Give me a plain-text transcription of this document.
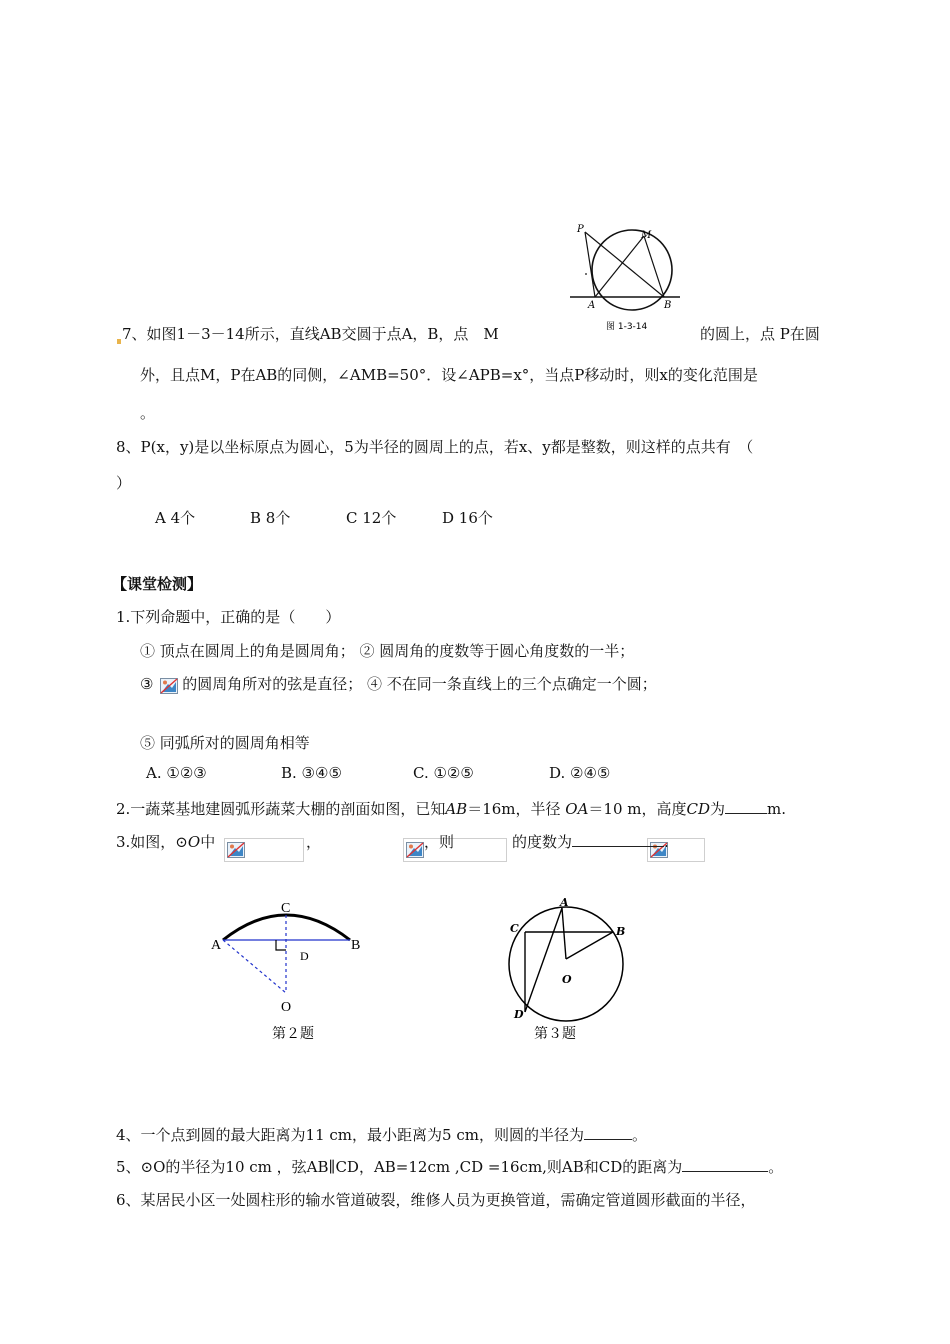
P
M
A	B
图 1-3-14
7、如图1－3－14所示，直线AB交圆于点A，B，点　M	的圆上，点 P在圆
外，且点M，P在AB的同侧，∠AMB=50°．设∠APB=x°，当点P移动时，则x的变化范围是
。
8、P(x，y)是以坐标原点为圆心，5为半径的圆周上的点，若x、y都是整数，则这样的点共有　（
）
A 4个	B 8个	C 12个	D 16个
【课堂检测】
1.下列命题中，正确的是（　　）
① 顶点在圆周上的角是圆周角； ② 圆周角的度数等于圆心角度数的一半；
③ 的圆周角所对的弦是直径； ④ 不在同一条直线上的三个点确定一个圆；
⑤ 同弧所对的圆周角相等
A. ①②③	B. ③④⑤	C. ①②⑤	D. ②④⑤
2.一蔬菜基地建圆弧形蔬菜大棚的剖面如图，已知AB＝16m，半径 OA＝10 m，高度CD为	m.
3.如图，⊙O中
	，
	，则	的度数为	.
C
A	B
D
O
第２题
A
C	B
O
D
第３题
4、一个点到圆的最大距离为11 cm，最小距离为5 cm，则圆的半径为	。
5、⊙O的半径为10 cm ，弦AB∥CD，AB=12cm ,CD =16cm,则AB和CD的距离为	。
6、某居民小区一处圆柱形的输水管道破裂，维修人员为更换管道，需确定管道圆形截面的半径，
